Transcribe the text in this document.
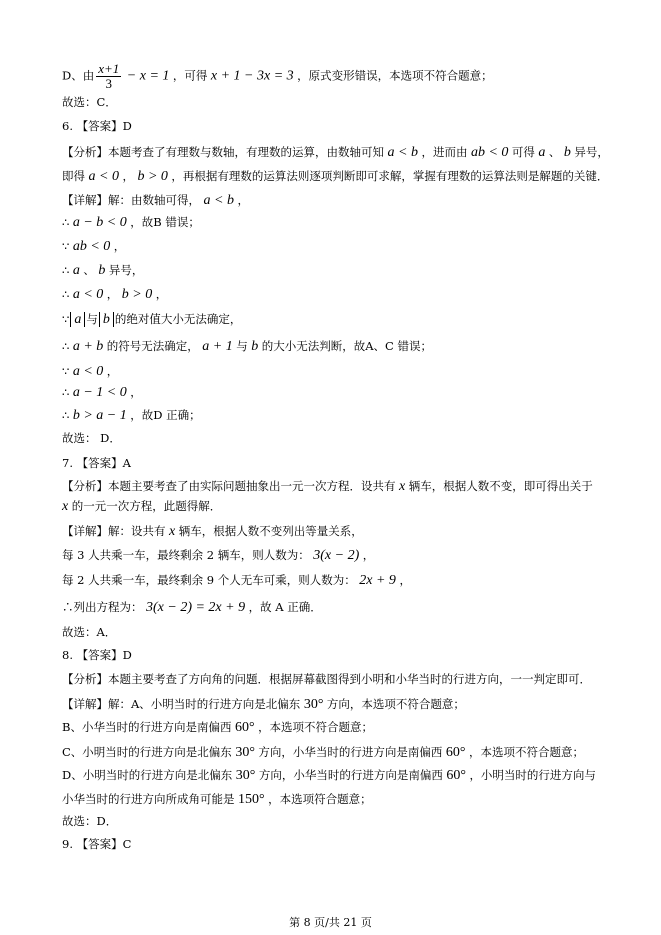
D、由 $\frac{x+1}{3} - x = 1$ ，可得 x + 1 − 3x = 3 ，原式变形错误，本选项不符合题意；
故选：C．
6. 【答案】D
【分析】本题考查了有理数与数轴，有理数的运算，由数轴可知 a < b ，进而由 ab < 0 可得 a 、 b 异号，
即得 a < 0 ， b > 0 ，再根据有理数的运算法则逐项判断即可求解，掌握有理数的运算法则是解题的关键．
【详解】解：由数轴可得， a < b ，
∴ a − b < 0 ，故B 错误；
∵ ab < 0 ，
∴ a 、 b 异号，
∴ a < 0 ， b > 0 ，
∵ a 与 b 的绝对值大小无法确定，
∴ a + b 的符号无法确定， a + 1 与 b 的大小无法判断，故A、C 错误；
∵ a < 0 ，
∴ a − 1 < 0 ，
∴ b > a − 1 ，故D 正确；
故选： D．
7. 【答案】A
【分析】本题主要考查了由实际问题抽象出一元一次方程．设共有 x 辆车，根据人数不变，即可得出关于
x 的一元一次方程，此题得解．
【详解】解：设共有 x 辆车，根据人数不变列出等量关系，
每 3 人共乘一车，最终剩余 2 辆车，则人数为： 3(x − 2) ，
每 2 人共乘一车，最终剩余 9 个人无车可乘，则人数为： 2x + 9 ，
∴列出方程为： 3(x − 2) = 2x + 9 ，故 A 正确．
故选：A．
8. 【答案】D
【分析】本题主要考查了方向角的问题．根据屏幕截图得到小明和小华当时的行进方向，一一判定即可．
【详解】解：A、小明当时的行进方向是北偏东 30° 方向，本选项不符合题意；
B、小华当时的行进方向是南偏西 60° ，本选项不符合题意；
C、小明当时的行进方向是北偏东 30° 方向，小华当时的行进方向是南偏西 60° ，本选项不符合题意；
D、小明当时的行进方向是北偏东 30° 方向，小华当时的行进方向是南偏西 60° ，小明当时的行进方向与
小华当时的行进方向所成角可能是 150° ，本选项符合题意；
故选：D．
9. 【答案】C
第 8 页/共 21 页
